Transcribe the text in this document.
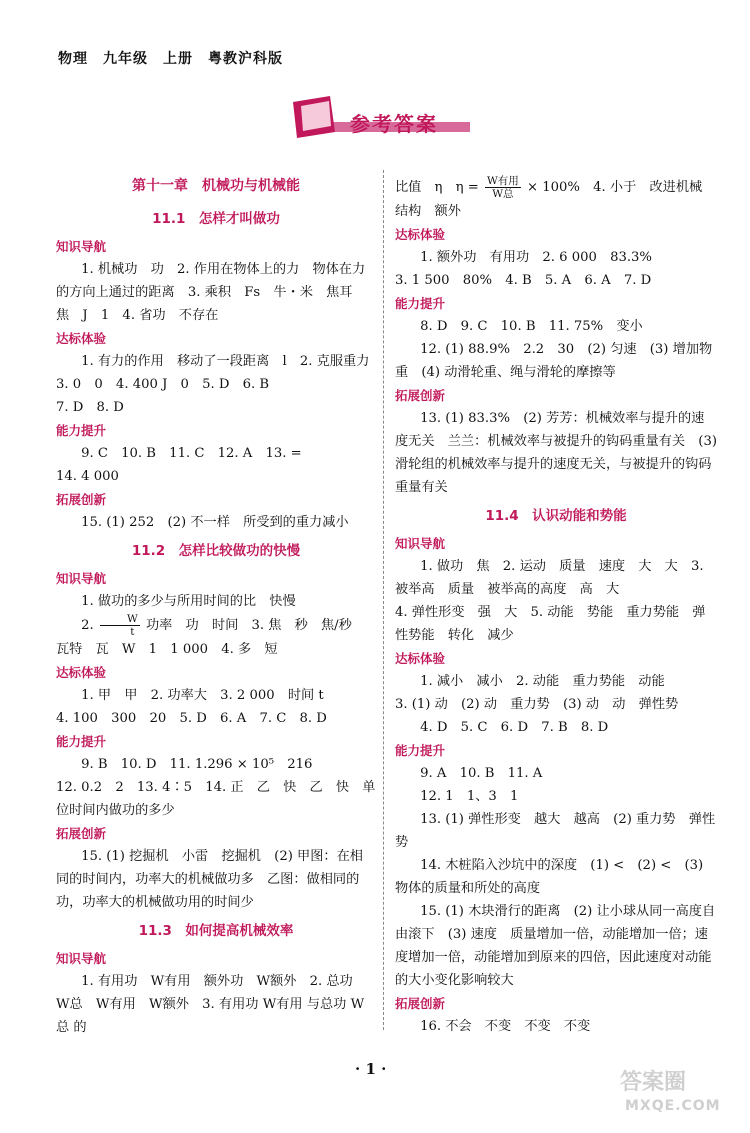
物理　九年级　上册　粤教沪科版
参考答案
第十一章　机械功与机械能
11.1　怎样才叫做功
知识导航
1. 机械功　功　2. 作用在物体上的力　物体在力的方向上通过的距离　3. 乘积　Fs　牛・米　焦耳　焦　J　1　4. 省功　不存在
达标体验
1. 有力的作用　移动了一段距离　l　2. 克服重力　3. 0　0　4. 400 J　0　5. D　6. B
7. D　8. D
能力提升
9. C　10. B　11. C　12. A　13. =
14. 4 000
拓展创新
15. (1) 252　(2) 不一样　所受到的重力减小
11.2　怎样比较做功的快慢
知识导航
1. 做功的多少与所用时间的比　快慢
2. $\frac{W}{t}$ 功率　功　时间　3. 焦　秒　焦/秒
瓦特　瓦　W　1　1 000　4. 多　短
达标体验
1. 甲　甲　2. 功率大　3. 2 000　时间 t
4. 100　300　20　5. D　6. A　7. C　8. D
能力提升
9. B　10. D　11. 1.296 × 10⁵　216
12. 0.2　2　13. 4∶5　14. 正　乙　快　乙　快　单位时间内做功的多少
拓展创新
15. (1) 挖掘机　小雷　挖掘机　(2) 甲图：在相同的时间内，功率大的机械做功多　乙图：做相同的功，功率大的机械做功用的时间少
11.3　如何提高机械效率
知识导航
1. 有用功　W有用　额外功　W额外　2. 总功　W总　W有用　W额外　3. 有用功 W有用 与总功 W总 的
比值　η　$\eta = \frac{\text{W有用}}{\text{W总}} \times 100\%$　4. 小于　改进机械
结构　额外
达标体验
1. 额外功　有用功　2. 6 000　83.3%
3. 1 500　80%　4. B　5. A　6. A　7. D
能力提升
8. D　9. C　10. B　11. 75%　变小
12. (1) 88.9%　2.2　30　(2) 匀速　(3) 增加物重　(4) 动滑轮重、绳与滑轮的摩擦等
拓展创新
13. (1) 83.3%　(2) 芳芳：机械效率与提升的速度无关　兰兰：机械效率与被提升的钩码重量有关　(3) 滑轮组的机械效率与提升的速度无关，与被提升的钩码重量有关
11.4　认识动能和势能
知识导航
1. 做功　焦　2. 运动　质量　速度　大　大　3. 被举高　质量　被举高的高度　高　大
4. 弹性形变　强　大　5. 动能　势能　重力势能　弹性势能　转化　减少
达标体验
1. 减小　减小　2. 动能　重力势能　动能
3. (1) 动　(2) 动　重力势　(3) 动　动　弹性势
4. D　5. C　6. D　7. B　8. D
能力提升
9. A　10. B　11. A
12. 1　1、3　1
13. (1) 弹性形变　越大　越高　(2) 重力势　弹性势
14. 木桩陷入沙坑中的深度　(1) <　(2) <　(3) 物体的质量和所处的高度
15. (1) 木块滑行的距离　(2) 让小球从同一高度自由滚下　(3) 速度　质量增加一倍，动能增加一倍；速度增加一倍，动能增加到原来的四倍，因此速度对动能的大小变化影响较大
拓展创新
16. 不会　不变　不变　不变
· 1 ·
答案圈
MXQE.COM
